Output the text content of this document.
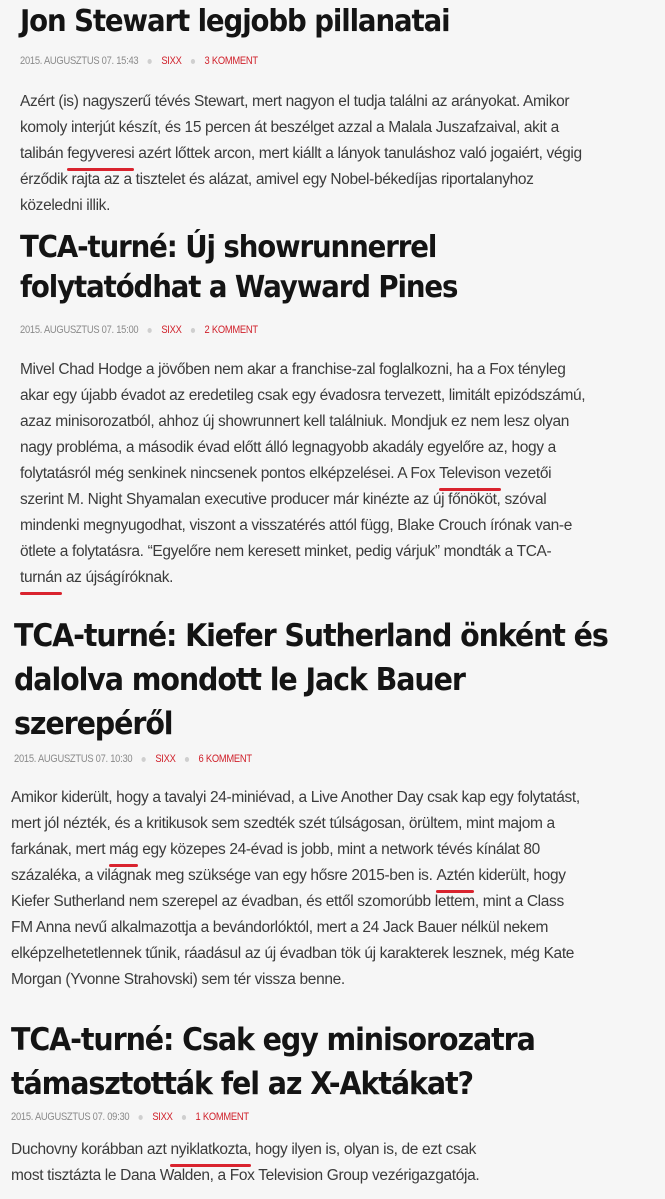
Jon Stewart legjobb pillanatai
2015. AUGUSZTUS 07. 15:43 SIXX 3 KOMMENT
Azért (is) nagyszerű tévés Stewart, mert nagyon el tudja találni az arányokat. Amikor
komoly interjút készít, és 15 percen át beszélget azzal a Malala Juszafzaival, akit a
talibán fegyveresi azért lőttek arcon, mert kiállt a lányok tanuláshoz való jogaiért, végig
érződik rajta az a tisztelet és alázat, amivel egy Nobel-békedíjas riportalanyhoz
közeledni illik.
TCA-turné: Új showrunnerrel
folytatódhat a Wayward Pines
2015. AUGUSZTUS 07. 15:00 SIXX 2 KOMMENT
Mivel Chad Hodge a jövőben nem akar a franchise-zal foglalkozni, ha a Fox tényleg
akar egy újabb évadot az eredetileg csak egy évadosra tervezett, limitált epizódszámú,
azaz minisorozatból, ahhoz új showrunnert kell találniuk. Mondjuk ez nem lesz olyan
nagy probléma, a második évad előtt álló legnagyobb akadály egyelőre az, hogy a
folytatásról még senkinek nincsenek pontos elképzelései. A Fox Televison vezetői
szerint M. Night Shyamalan executive producer már kinézte az új főnököt, szóval
mindenki megnyugodhat, viszont a visszatérés attól függ, Blake Crouch írónak van-e
ötlete a folytatásra. “Egyelőre nem keresett minket, pedig várjuk” mondták a TCA-
turnán az újságíróknak.
TCA-turné: Kiefer Sutherland önként és
dalolva mondott le Jack Bauer
szerepéről
2015. AUGUSZTUS 07. 10:30 SIXX 6 KOMMENT
Amikor kiderült, hogy a tavalyi 24-miniévad, a Live Another Day csak kap egy folytatást,
mert jól nézték, és a kritikusok sem szedték szét túlságosan, örültem, mint majom a
farkának, mert mág egy közepes 24-évad is jobb, mint a network tévés kínálat 80
százaléka, a világnak meg szüksége van egy hősre 2015-ben is. Aztén kiderült, hogy
Kiefer Sutherland nem szerepel az évadban, és ettől szomorúbb lettem, mint a Class
FM Anna nevű alkalmazottja a bevándorlóktól, mert a 24 Jack Bauer nélkül nekem
elképzelhetetlennek tűnik, ráadásul az új évadban tök új karakterek lesznek, még Kate
Morgan (Yvonne Strahovski) sem tér vissza benne.
TCA-turné: Csak egy minisorozatra
támasztották fel az X-Aktákat?
2015. AUGUSZTUS 07. 09:30 SIXX 1 KOMMENT
Duchovny korábban azt nyiklatkozta, hogy ilyen is, olyan is, de ezt csak
most tisztázta le Dana Walden, a Fox Television Group vezérigazgatója.
